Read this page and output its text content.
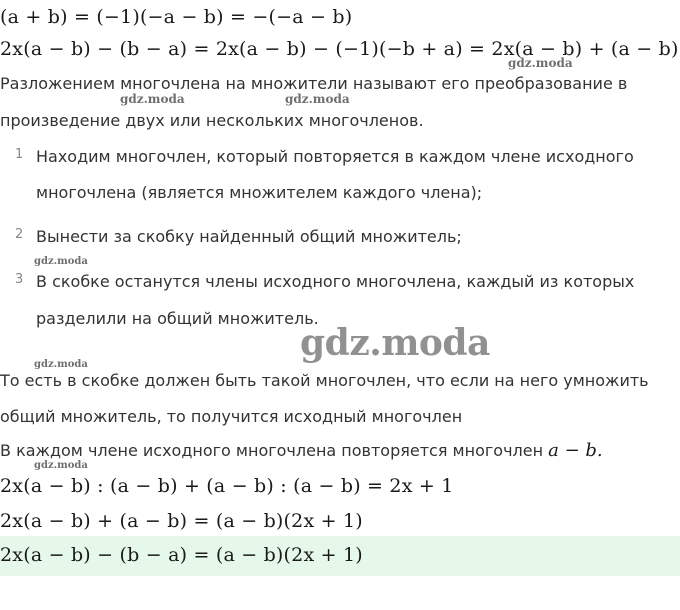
(a + b) = (−1)(−a − b) = −(−a − b)
2x(a − b) − (b − a) = 2x(a − b) − (−1)(−b + a) = 2x(a − b) + (a − b)
Разложением многочлена на множители называют его преобразование в
произведение двух или нескольких многочленов.
1 Находим многочлен, который повторяется в каждом члене исходного
многочлена (является множителем каждого члена);
2 Вынести за скобку найденный общий множитель;
3 В скобке останутся члены исходного многочлена, каждый из которых
разделили на общий множитель.
То есть в скобке должен быть такой многочлен, что если на него умножить
общий множитель, то получится исходный многочлен
В каждом члене исходного многочлена повторяется многочлен a − b.
2x(a − b) : (a − b) + (a − b) : (a − b) = 2x + 1
2x(a − b) + (a − b) = (a − b)(2x + 1)
2x(a − b) − (b − a) = (a − b)(2x + 1)
gdz.moda
gdz.moda	gdz.moda
gdz.moda
gdz.moda
gdz.moda
gdz.moda
